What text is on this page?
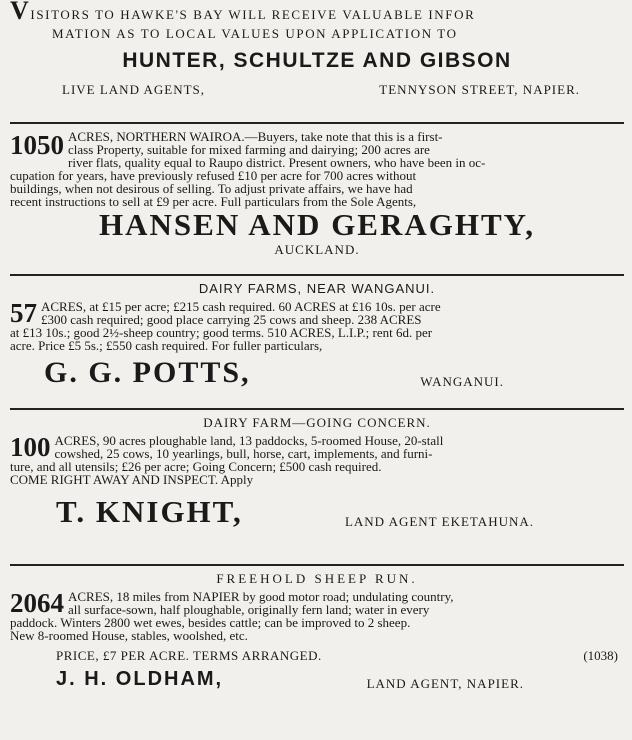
VISITORS TO HAWKE'S BAY WILL RECEIVE VALUABLE INFOR
MATION AS TO LOCAL VALUES UPON APPLICATION TO
HUNTER, SCHULTZE AND GIBSON
LIVE LAND AGENTS,	TENNYSON STREET, NAPIER.
1050 ACRES, NORTHERN WAIROA.—Buyers, take note that this is a first-

class Property, suitable for mixed farming and dairying; 200 acres are

river flats, quality equal to Raupo district. Present owners, who have been in oc-

cupation for years, have previously refused £10 per acre for 700 acres without

buildings, when not desirous of selling. To adjust private affairs, we have had

recent instructions to sell at £9 per acre. Full particulars from the Sole Agents,

HANSEN AND GERAGHTY,
AUCKLAND.
DAIRY FARMS, NEAR WANGANUI.
57 ACRES, at £15 per acre; £215 cash required. 60 ACRES at £16 10s. per acre

£300 cash required; good place carrying 25 cows and sheep. 238 ACRES

at £13 10s.; good 2½-sheep country; good terms. 510 ACRES, L.I.P.; rent 6d. per

acre. Price £5 5s.; £550 cash required. For fuller particulars,

G. G. POTTS,	WANGANUI.
DAIRY FARM—GOING CONCERN.
100 ACRES, 90 acres ploughable land, 13 paddocks, 5-roomed House, 20-stall

cowshed, 25 cows, 10 yearlings, bull, horse, cart, implements, and furni-

ture, and all utensils; £26 per acre; Going Concern; £500 cash required.

COME RIGHT AWAY AND INSPECT. Apply

T. KNIGHT,	LAND AGENT EKETAHUNA.
FREEHOLD SHEEP RUN.
2064 ACRES, 18 miles from NAPIER by good motor road; undulating country,

all surface-sown, half ploughable, originally fern land; water in every

paddock. Winters 2800 wet ewes, besides cattle; can be improved to 2 sheep.

New 8-roomed House, stables, woolshed, etc.

PRICE, £7 PER ACRE. TERMS ARRANGED.	(1038)
J. H. OLDHAM,	LAND AGENT, NAPIER.
